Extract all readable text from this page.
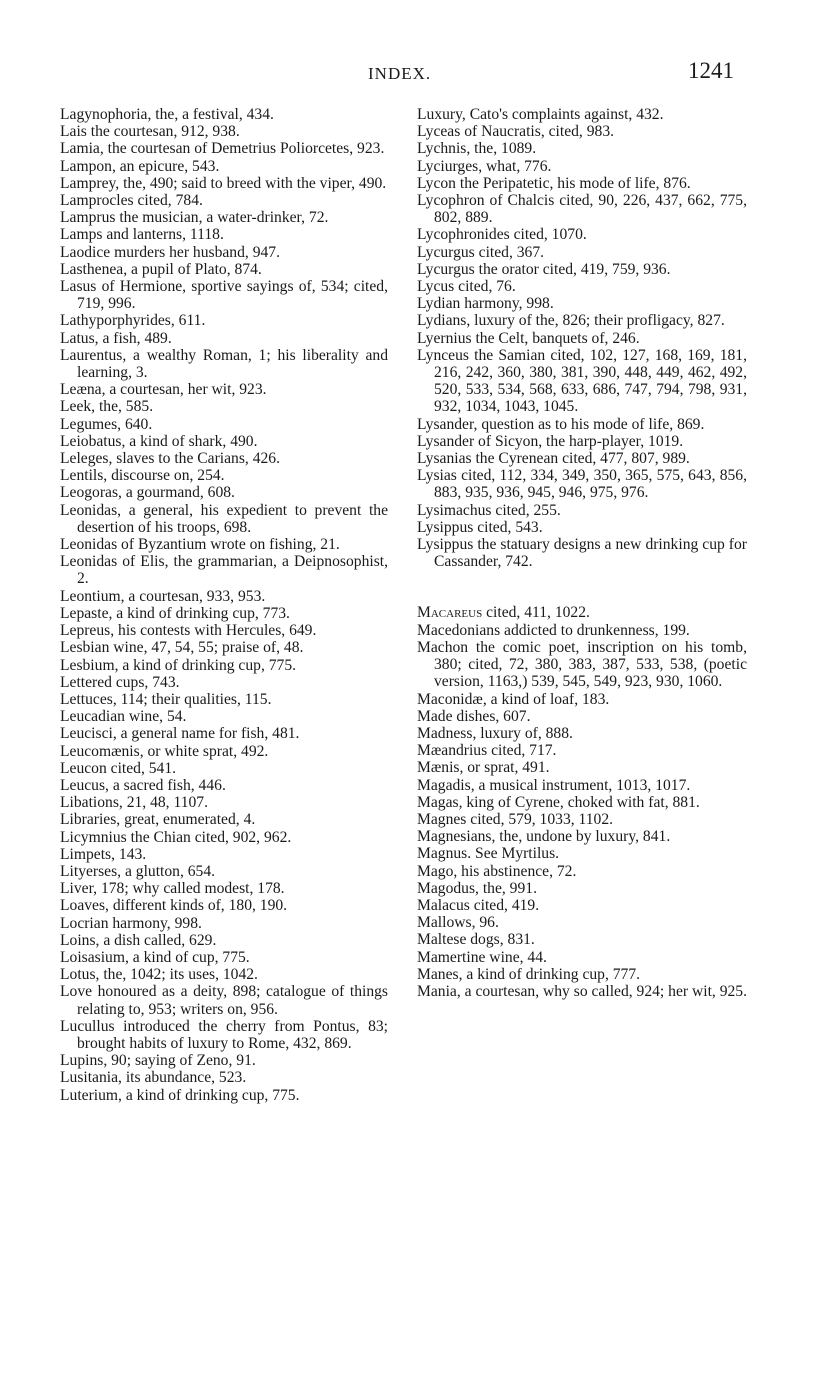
INDEX.	1241
Lagynophoria, the, a festival, 434.
Lais the courtesan, 912, 938.
Lamia, the courtesan of Demetrius Poliorcetes, 923.
Lampon, an epicure, 543.
Lamprey, the, 490; said to breed with the viper, 490.
Lamprocles cited, 784.
Lamprus the musician, a water-drinker, 72.
Lamps and lanterns, 1118.
Laodice murders her husband, 947.
Lasthenea, a pupil of Plato, 874.
Lasus of Hermione, sportive sayings of, 534; cited, 719, 996.
Lathyporphyrides, 611.
Latus, a fish, 489.
Laurentus, a wealthy Roman, 1; his liberality and learning, 3.
Leæna, a courtesan, her wit, 923.
Leek, the, 585.
Legumes, 640.
Leiobatus, a kind of shark, 490.
Leleges, slaves to the Carians, 426.
Lentils, discourse on, 254.
Leogoras, a gourmand, 608.
Leonidas, a general, his expedient to prevent the desertion of his troops, 698.
Leonidas of Byzantium wrote on fishing, 21.
Leonidas of Elis, the grammarian, a Deipnosophist, 2.
Leontium, a courtesan, 933, 953.
Lepaste, a kind of drinking cup, 773.
Lepreus, his contests with Hercules, 649.
Lesbian wine, 47, 54, 55; praise of, 48.
Lesbium, a kind of drinking cup, 775.
Lettered cups, 743.
Lettuces, 114; their qualities, 115.
Leucadian wine, 54.
Leucisci, a general name for fish, 481.
Leucomænis, or white sprat, 492.
Leucon cited, 541.
Leucus, a sacred fish, 446.
Libations, 21, 48, 1107.
Libraries, great, enumerated, 4.
Licymnius the Chian cited, 902, 962.
Limpets, 143.
Lityerses, a glutton, 654.
Liver, 178; why called modest, 178.
Loaves, different kinds of, 180, 190.
Locrian harmony, 998.
Loins, a dish called, 629.
Loisasium, a kind of cup, 775.
Lotus, the, 1042; its uses, 1042.
Love honoured as a deity, 898; catalogue of things relating to, 953; writers on, 956.
Lucullus introduced the cherry from Pontus, 83; brought habits of luxury to Rome, 432, 869.
Lupins, 90; saying of Zeno, 91.
Lusitania, its abundance, 523.
Luterium, a kind of drinking cup, 775.
Luxury, Cato's complaints against, 432.
Lyceas of Naucratis, cited, 983.
Lychnis, the, 1089.
Lyciurges, what, 776.
Lycon the Peripatetic, his mode of life, 876.
Lycophron of Chalcis cited, 90, 226, 437, 662, 775, 802, 889.
Lycophronides cited, 1070.
Lycurgus cited, 367.
Lycurgus the orator cited, 419, 759, 936.
Lycus cited, 76.
Lydian harmony, 998.
Lydians, luxury of the, 826; their profligacy, 827.
Lyernius the Celt, banquets of, 246.
Lynceus the Samian cited, 102, 127, 168, 169, 181, 216, 242, 360, 380, 381, 390, 448, 449, 462, 492, 520, 533, 534, 568, 633, 686, 747, 794, 798, 931, 932, 1034, 1043, 1045.
Lysander, question as to his mode of life, 869.
Lysander of Sicyon, the harp-player, 1019.
Lysanias the Cyrenean cited, 477, 807, 989.
Lysias cited, 112, 334, 349, 350, 365, 575, 643, 856, 883, 935, 936, 945, 946, 975, 976.
Lysimachus cited, 255.
Lysippus cited, 543.
Lysippus the statuary designs a new drinking cup for Cassander, 742.
Macareus cited, 411, 1022.
Macedonians addicted to drunkenness, 199.
Machon the comic poet, inscription on his tomb, 380; cited, 72, 380, 383, 387, 533, 538, (poetic version, 1163,) 539, 545, 549, 923, 930, 1060.
Maconidæ, a kind of loaf, 183.
Made dishes, 607.
Madness, luxury of, 888.
Mæandrius cited, 717.
Mænis, or sprat, 491.
Magadis, a musical instrument, 1013, 1017.
Magas, king of Cyrene, choked with fat, 881.
Magnes cited, 579, 1033, 1102.
Magnesians, the, undone by luxury, 841.
Magnus. See Myrtilus.
Mago, his abstinence, 72.
Magodus, the, 991.
Malacus cited, 419.
Mallows, 96.
Maltese dogs, 831.
Mamertine wine, 44.
Manes, a kind of drinking cup, 777.
Mania, a courtesan, why so called, 924; her wit, 925.
